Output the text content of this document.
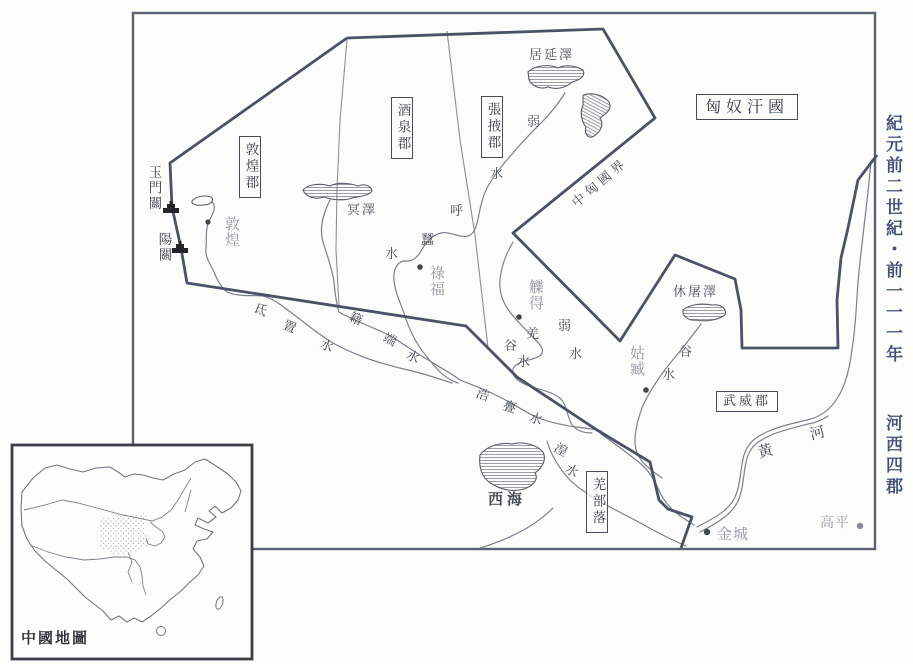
紀元前二世紀・前一一一年 河西四郡
敦煌郡
酒泉郡	張掖郡
武威郡
匈奴汗國
羌部落
中匈國界
玉門關
陽關	敦煌
祿福	觻得
姑臧
金城
高平
居延澤
冥澤
休屠澤
西海
弱
水
弱
水
呼
蠶
水
羌
谷
水
氐
置
水
籍
端
水
浩
亹
水
谷
水
湟
水
黃
河
中國地圖
